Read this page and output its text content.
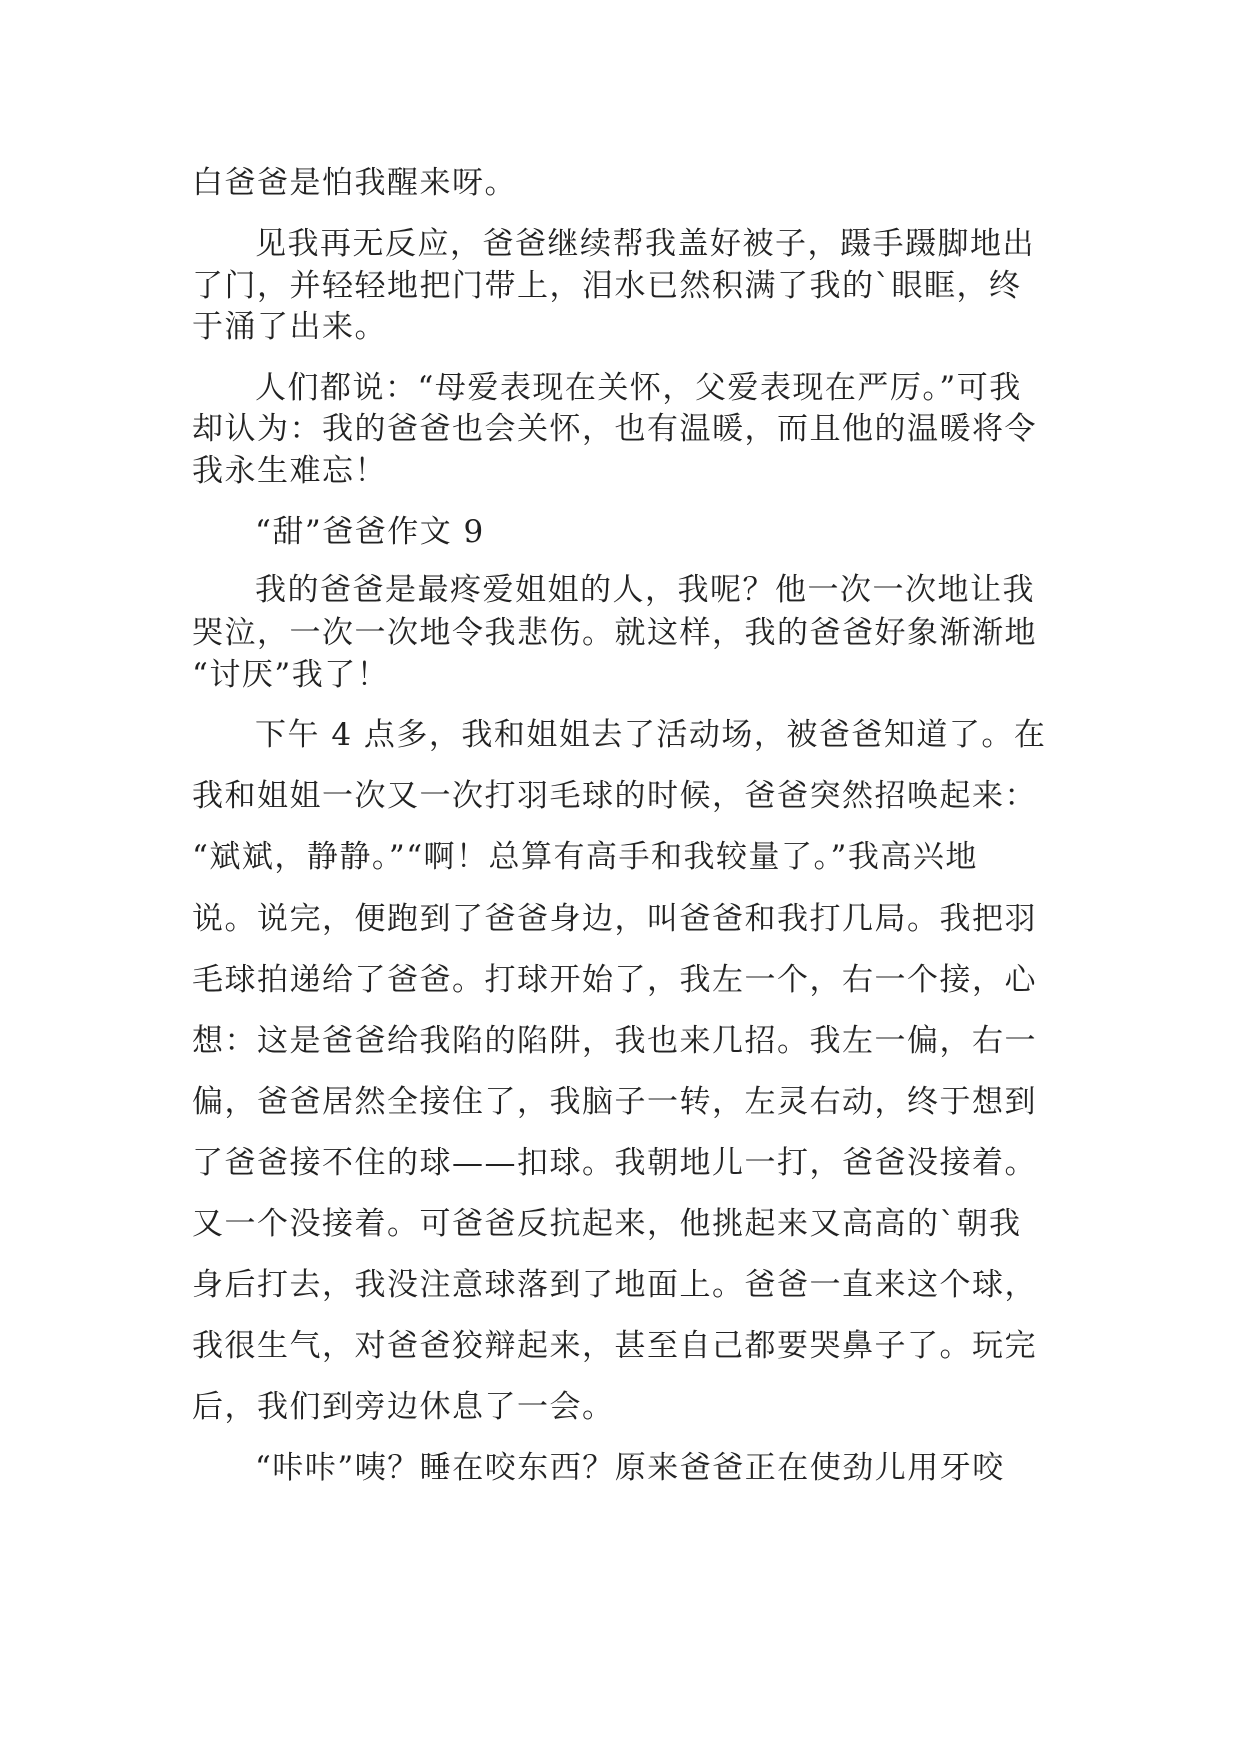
白爸爸是怕我醒来呀。
见我再无反应，爸爸继续帮我盖好被子，蹑手蹑脚地出
了门，并轻轻地把门带上，泪水已然积满了我的`眼眶，终
于涌了出来。
人们都说：“母爱表现在关怀，父爱表现在严厉。”可我
却认为：我的爸爸也会关怀，也有温暖，而且他的温暖将令
我永生难忘！
“甜”爸爸作文 9
我的爸爸是最疼爱姐姐的人，我呢？他一次一次地让我
哭泣，一次一次地令我悲伤。就这样，我的爸爸好象渐渐地
“讨厌”我了！
下午 4 点多，我和姐姐去了活动场，被爸爸知道了。在
我和姐姐一次又一次打羽毛球的时候，爸爸突然招唤起来：
“斌斌，静静。”“啊！总算有高手和我较量了。”我高兴地
说。说完，便跑到了爸爸身边，叫爸爸和我打几局。我把羽
毛球拍递给了爸爸。打球开始了，我左一个，右一个接，心
想：这是爸爸给我陷的陷阱，我也来几招。我左一偏，右一
偏，爸爸居然全接住了，我脑子一转，左灵右动，终于想到
了爸爸接不住的球——扣球。我朝地儿一打，爸爸没接着。
又一个没接着。可爸爸反抗起来，他挑起来又高高的`朝我
身后打去，我没注意球落到了地面上。爸爸一直来这个球，
我很生气，对爸爸狡辩起来，甚至自己都要哭鼻子了。玩完
后，我们到旁边休息了一会。
“咔咔”咦？睡在咬东西？原来爸爸正在使劲儿用牙咬
